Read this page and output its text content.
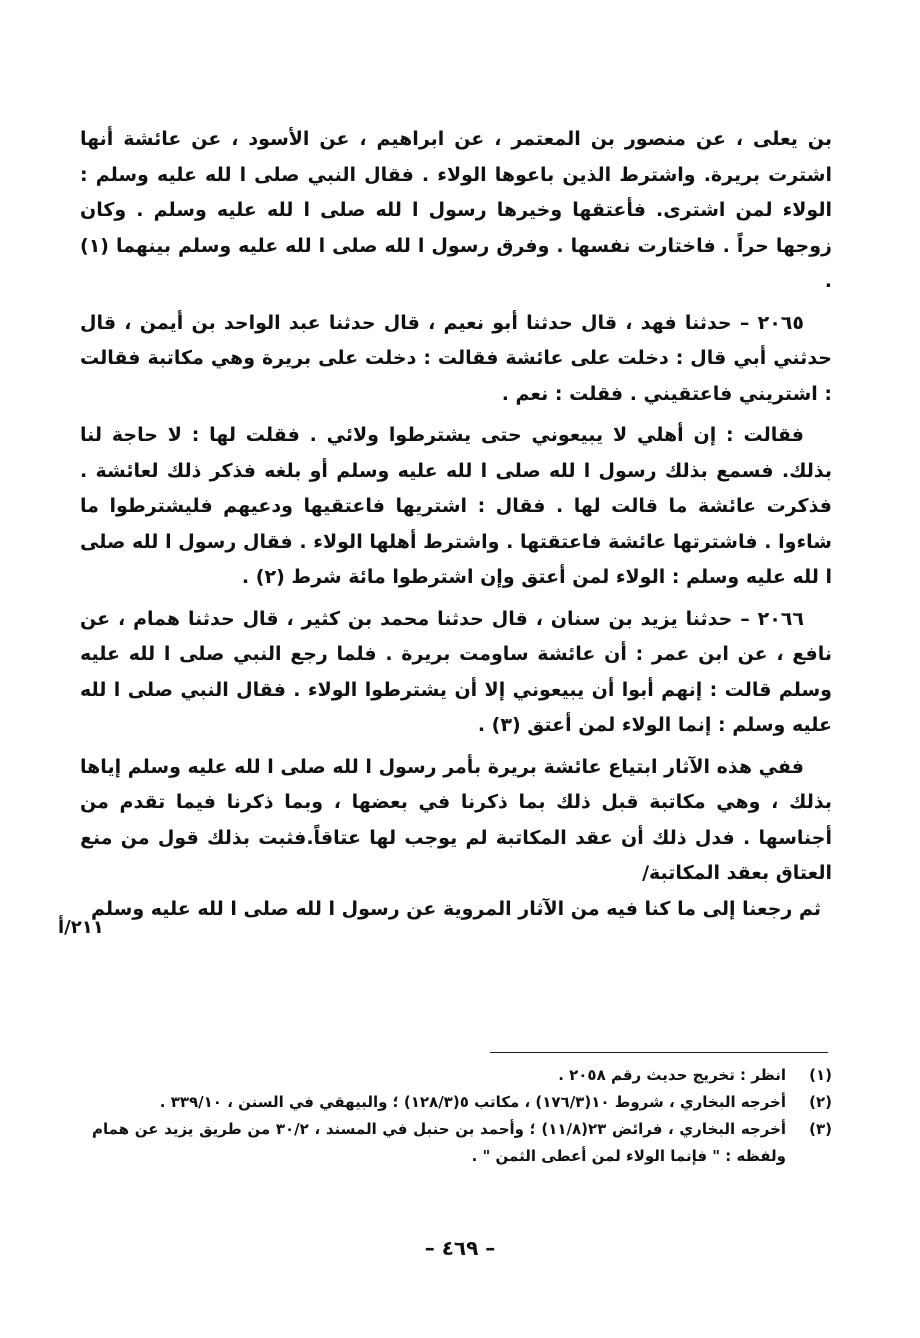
بن يعلى ، عن منصور بن المعتمر ، عن ابراهيم ، عن الأسود ، عن عائشة أنها اشترت بريرة. واشترط الذين باعوها الولاء . فقال النبي صلى ا لله عليه وسلم : الولاء لمن اشترى. فأعتقها وخيرها رسول ا لله صلى ا لله عليه وسلم . وكان زوجها حراً . فاختارت نفسها . وفرق رسول ا لله صلى ا لله عليه وسلم بينهما (١) .

٢٠٦٥ – حدثنا فهد ، قال حدثنا أبو نعيم ، قال حدثنا عبد الواحد بن أيمن ، قال حدثني أبي قال : دخلت على عائشة فقالت : دخلت على بريرة وهي مكاتبة فقالت : اشتريني فاعتقيني . فقلت : نعم .

فقالت : إن أهلي لا يبيعوني حتى يشترطوا ولائي . فقلت لها : لا حاجة لنا بذلك. فسمع بذلك رسول ا لله صلى ا لله عليه وسلم أو بلغه فذكر ذلك لعائشة . فذكرت عائشة ما قالت لها . فقال : اشتريها فاعتقيها ودعيهم فليشترطوا ما شاءوا . فاشترتها عائشة فاعتقتها . واشترط أهلها الولاء . فقال رسول ا لله صلى ا لله عليه وسلم : الولاء لمن أعتق وإن اشترطوا مائة شرط (٢) .

٢٠٦٦ – حدثنا يزيد بن سنان ، قال حدثنا محمد بن كثير ، قال حدثنا همام ، عن نافع ، عن ابن عمر : أن عائشة ساومت بريرة . فلما رجع النبي صلى ا لله عليه وسلم قالت : إنهم أبوا أن يبيعوني إلا أن يشترطوا الولاء . فقال النبي صلى ا لله عليه وسلم : إنما الولاء لمن أعتق (٣) .

ففي هذه الآثار ابتياع عائشة بريرة بأمر رسول ا لله صلى ا لله عليه وسلم إياها بذلك ، وهي مكاتبة قبل ذلك بما ذكرنا في بعضها ، وبما ذكرنا فيما تقدم من أجناسها . فدل ذلك أن عقد المكاتبة لم يوجب لها عتاقاً.فثبت بذلك قول من منع العتاق بعقد المكاتبة/

ثم رجعنا إلى ما كنا فيه من الآثار المروية عن رسول ا لله صلى ا لله عليه وسلم

٢١١/أ
(١)
انظر : تخريج حديث رقم ٢٠٥٨ .
(٢)
أخرجه البخاري ، شروط ١٠(١٧٦/٣) ، مكاتب ٥(١٢٨/٣) ؛ والبيهقي في السنن ، ٣٣٩/١٠ .
(٣)
أخرجه البخاري ، فرائض ٢٣(١١/٨) ؛ وأحمد بن حنبل في المسند ، ٣٠/٢ من طريق يزيد عن همام ولفظه : " فإنما الولاء لمن أعطى الثمن " .
– ٤٦٩ –
